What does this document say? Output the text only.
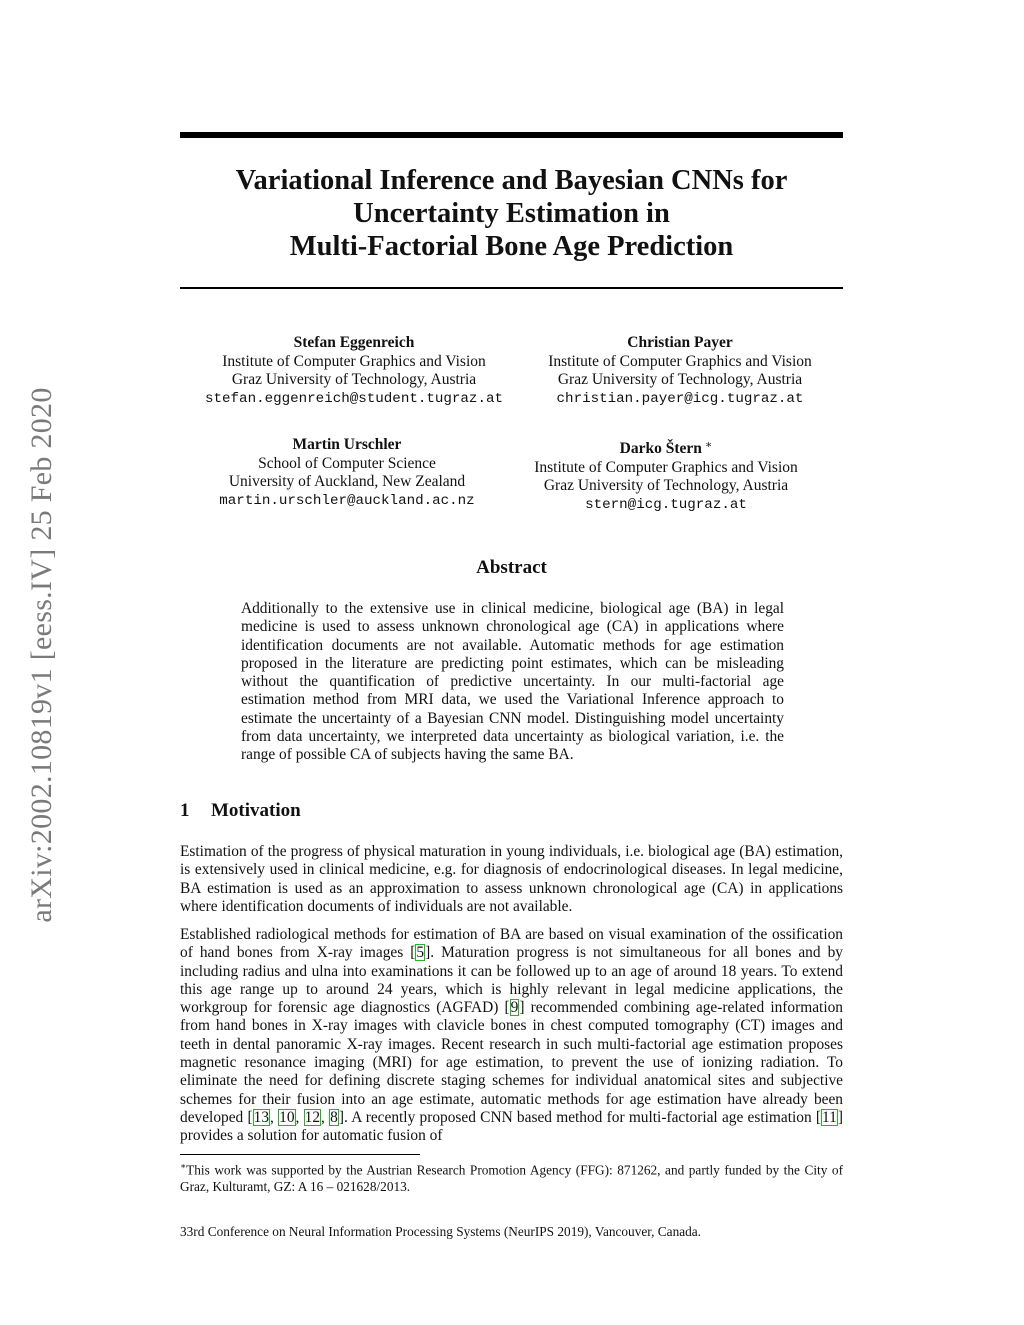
arXiv:2002.10819v1 [eess.IV] 25 Feb 2020
Variational Inference and Bayesian CNNs for
Uncertainty Estimation in
Multi-Factorial Bone Age Prediction
Stefan Eggenreich
Institute of Computer Graphics and Vision
Graz University of Technology, Austria
stefan.eggenreich@student.tugraz.at
Christian Payer
Institute of Computer Graphics and Vision
Graz University of Technology, Austria
christian.payer@icg.tugraz.at
Martin Urschler
School of Computer Science
University of Auckland, New Zealand
martin.urschler@auckland.ac.nz
Darko Štern ∗
Institute of Computer Graphics and Vision
Graz University of Technology, Austria
stern@icg.tugraz.at
Abstract
Additionally to the extensive use in clinical medicine, biological age (BA) in legal medicine is used to assess unknown chronological age (CA) in applications where identification documents are not available. Automatic methods for age estimation proposed in the literature are predicting point estimates, which can be misleading without the quantification of predictive uncertainty. In our multi-factorial age estimation method from MRI data, we used the Variational Inference approach to estimate the uncertainty of a Bayesian CNN model. Distinguishing model uncertainty from data uncertainty, we interpreted data uncertainty as biological variation, i.e. the range of possible CA of subjects having the same BA.
1 Motivation

Estimation of the progress of physical maturation in young individuals, i.e. biological age (BA) estimation, is extensively used in clinical medicine, e.g. for diagnosis of endocrinological diseases. In legal medicine, BA estimation is used as an approximation to assess unknown chronological age (CA) in applications where identification documents of individuals are not available.

Established radiological methods for estimation of BA are based on visual examination of the ossification of hand bones from X-ray images [5]. Maturation progress is not simultaneous for all bones and by including radius and ulna into examinations it can be followed up to an age of around 18 years. To extend this age range up to around 24 years, which is highly relevant in legal medicine applications, the workgroup for forensic age diagnostics (AGFAD) [9] recommended combining age-related information from hand bones in X-ray images with clavicle bones in chest computed tomography (CT) images and teeth in dental panoramic X-ray images. Recent research in such multi-factorial age estimation proposes magnetic resonance imaging (MRI) for age estimation, to prevent the use of ionizing radiation. To eliminate the need for defining discrete staging schemes for individual anatomical sites and subjective schemes for their fusion into an age estimate, automatic methods for age estimation have already been developed [13, 10, 12, 8]. A recently proposed CNN based method for multi-factorial age estimation [11] provides a solution for automatic fusion of

∗This work was supported by the Austrian Research Promotion Agency (FFG): 871262, and partly funded by the City of Graz, Kulturamt, GZ: A 16 – 021628/2013.
33rd Conference on Neural Information Processing Systems (NeurIPS 2019), Vancouver, Canada.
